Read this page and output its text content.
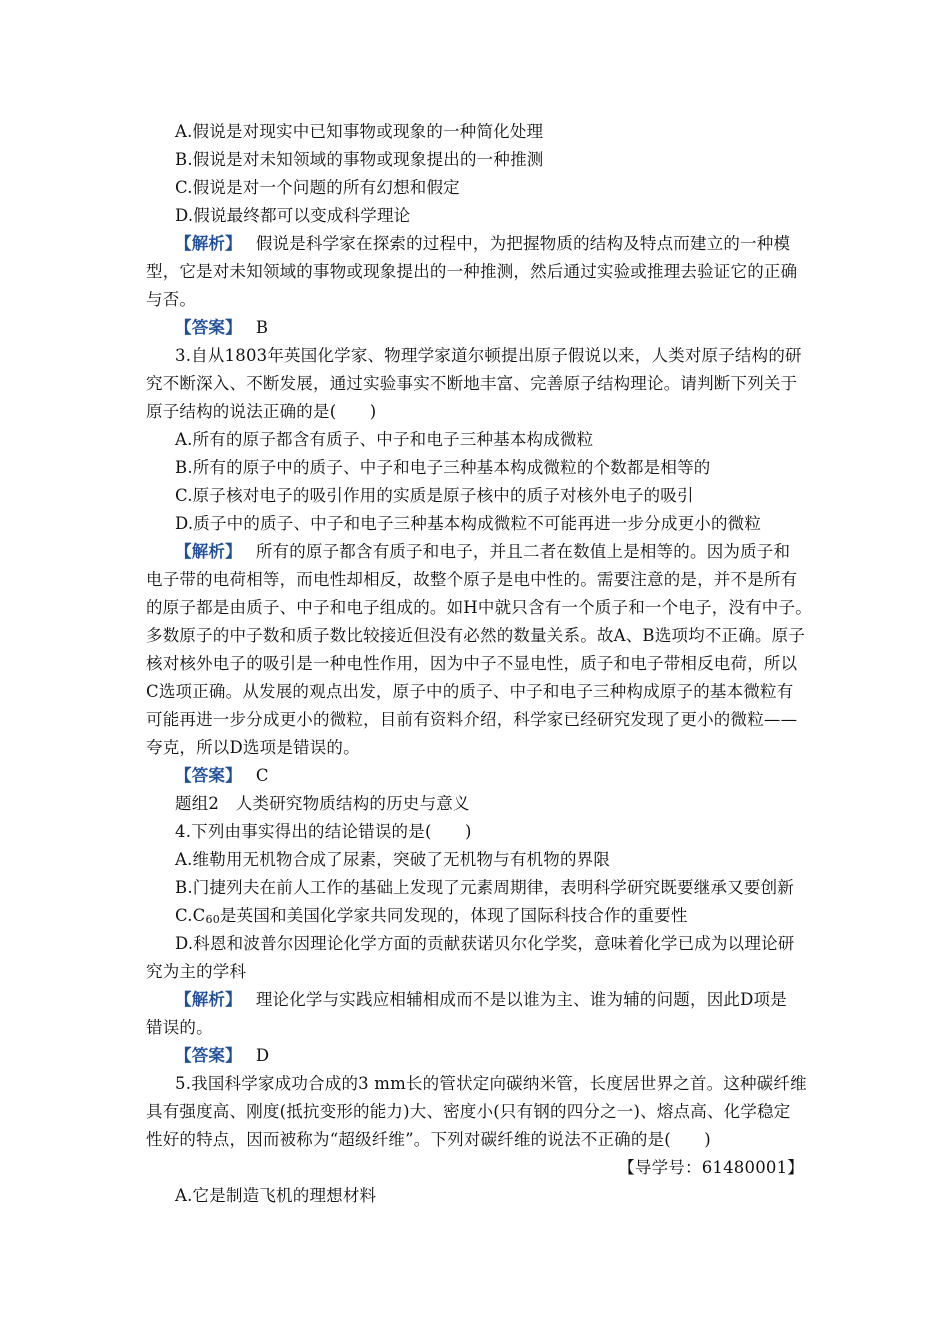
A.假说是对现实中已知事物或现象的一种简化处理
B.假说是对未知领域的事物或现象提出的一种推测
C.假说是对一个问题的所有幻想和假定
D.假说最终都可以变成科学理论
【解析】 假说是科学家在探索的过程中，为把握物质的结构及特点而建立的一种模
型，它是对未知领域的事物或现象提出的一种推测，然后通过实验或推理去验证它的正确
与否。
【答案】 B
3.自从1803年英国化学家、物理学家道尔顿提出原子假说以来，人类对原子结构的研
究不断深入、不断发展，通过实验事实不断地丰富、完善原子结构理论。请判断下列关于
原子结构的说法正确的是(　　)
A.所有的原子都含有质子、中子和电子三种基本构成微粒
B.所有的原子中的质子、中子和电子三种基本构成微粒的个数都是相等的
C.原子核对电子的吸引作用的实质是原子核中的质子对核外电子的吸引
D.质子中的质子、中子和电子三种基本构成微粒不可能再进一步分成更小的微粒
【解析】 所有的原子都含有质子和电子，并且二者在数值上是相等的。因为质子和
电子带的电荷相等，而电性却相反，故整个原子是电中性的。需要注意的是，并不是所有
的原子都是由质子、中子和电子组成的。如H中就只含有一个质子和一个电子，没有中子。
多数原子的中子数和质子数比较接近但没有必然的数量关系。故A、B选项均不正确。原子
核对核外电子的吸引是一种电性作用，因为中子不显电性，质子和电子带相反电荷，所以
C选项正确。从发展的观点出发，原子中的质子、中子和电子三种构成原子的基本微粒有
可能再进一步分成更小的微粒，目前有资料介绍，科学家已经研究发现了更小的微粒——
夸克，所以D选项是错误的。
【答案】 C
题组2　人类研究物质结构的历史与意义
4.下列由事实得出的结论错误的是(　　)
A.维勒用无机物合成了尿素，突破了无机物与有机物的界限
B.门捷列夫在前人工作的基础上发现了元素周期律，表明科学研究既要继承又要创新
$C.C_{60}$是英国和美国化学家共同发现的，体现了国际科技合作的重要性
D.科恩和波普尔因理论化学方面的贡献获诺贝尔化学奖，意味着化学已成为以理论研
究为主的学科
【解析】 理论化学与实践应相辅相成而不是以谁为主、谁为辅的问题，因此D项是
错误的。
【答案】 D
5.我国科学家成功合成的3 mm长的管状定向碳纳米管，长度居世界之首。这种碳纤维
具有强度高、刚度(抵抗变形的能力)大、密度小(只有钢的四分之一)、熔点高、化学稳定
性好的特点，因而被称为“超级纤维”。下列对碳纤维的说法不正确的是(　　)
【导学号：61480001】
A.它是制造飞机的理想材料
